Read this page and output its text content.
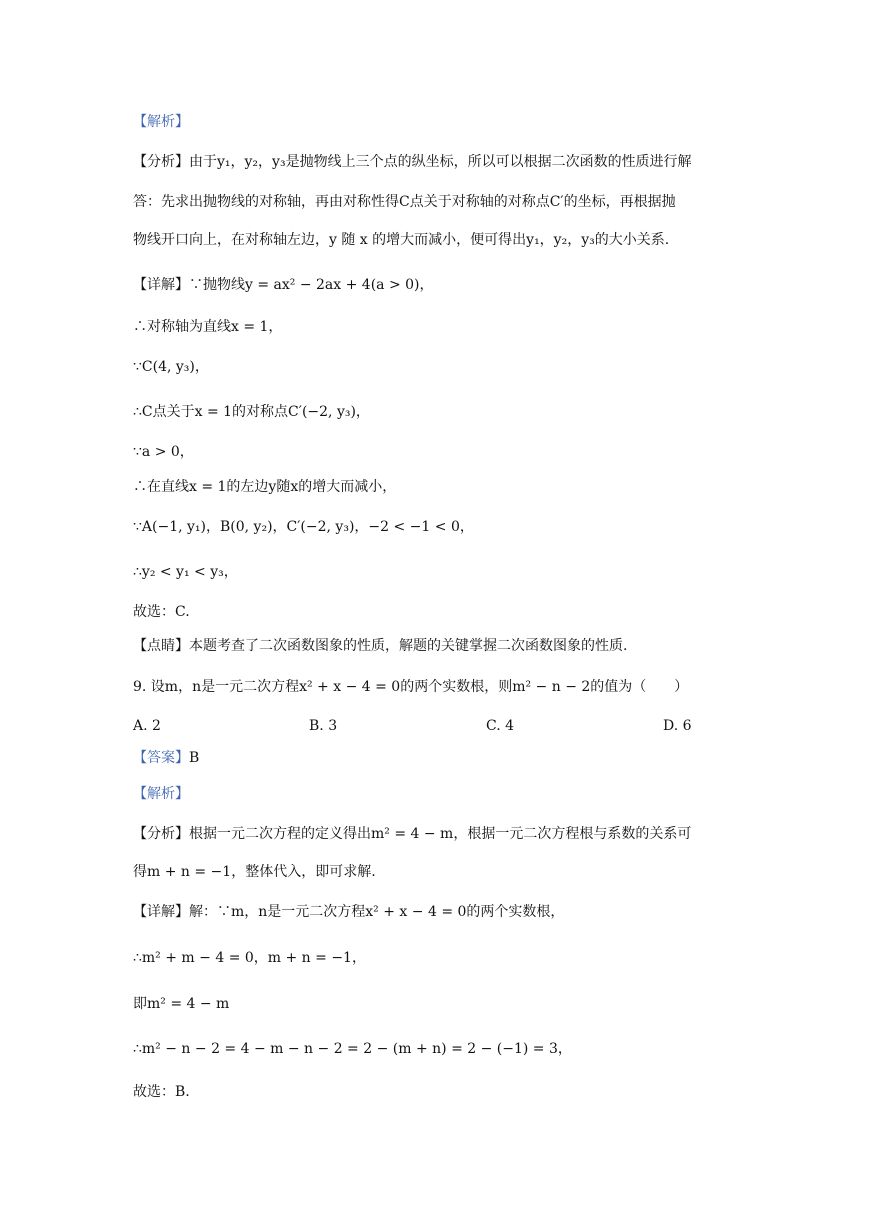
【解析】
【分析】由于y₁，y₂，y₃是抛物线上三个点的纵坐标，所以可以根据二次函数的性质进行解
答：先求出抛物线的对称轴，再由对称性得C点关于对称轴的对称点C′的坐标，再根据抛
物线开口向上，在对称轴左边，y 随 x 的增大而减小，便可得出y₁，y₂，y₃的大小关系.
【详解】∵抛物线y = ax² − 2ax + 4(a > 0)，
∴对称轴为直线x = 1，
∵C(4, y₃)，
∴C点关于x = 1的对称点C′(−2, y₃)，
∵a > 0，
∴在直线x = 1的左边y随x的增大而减小，
∵A(−1, y₁)，B(0, y₂)，C′(−2, y₃)，−2 < −1 < 0，
∴y₂ < y₁ < y₃，
故选：C.
【点睛】本题考查了二次函数图象的性质，解题的关键掌握二次函数图象的性质.
9. 设m，n是一元二次方程x² + x − 4 = 0的两个实数根，则m² − n − 2的值为（　　）
A. 2	B. 3	C. 4	D. 6
【答案】B
【解析】
【分析】根据一元二次方程的定义得出m² = 4 − m，根据一元二次方程根与系数的关系可
得m + n = −1，整体代入，即可求解.
【详解】解：∵m，n是一元二次方程x² + x − 4 = 0的两个实数根，
∴m² + m − 4 = 0，m + n = −1，
即m² = 4 − m
∴m² − n − 2 = 4 − m − n − 2 = 2 − (m + n) = 2 − (−1) = 3，
故选：B.
